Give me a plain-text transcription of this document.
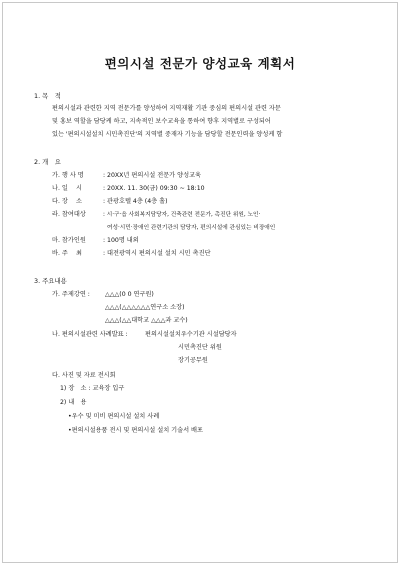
편의시설 전문가 양성교육 계획서
1. 목　적
편의시설과 관련한 지역 전문가를 양성하여 지역재활 기관 중심의 편의시설 관련 자문
및 홍보 역할을 담당케 하고, 지속적인 보수교육을 통하여 향후 지역별로 구성되어
있는 '편의시설설치 시민촉진단'의 지역별 중재자 기능을 담당할 전문인력을 양성케 함
2. 개　요
가. 행 사 명	: 20XX년 편의시설 전문가 양성교육
나. 일　 시	: 20XX. 11. 30(금) 09:30 ~ 18:10
다. 장　 소	: 관광호텔 4층 (4층 홀)
라. 참여대상	: 시·구·읍 사회복지담당자, 건축관련 전문가, 촉진단 위원, 노인·
여성·시민·장애인 관련기관의 담당자, 편의시설에 관심있는 비장애인
마. 참가인원	: 100명 내외
바. 주　 최	: 대전광역시 편의시설 설치 시민 촉진단
3. 주요내용
가. 주제강연 : △△△(0 0 연구원)
△△△(△△△△△△연구소 소장)
△△△(△△대학교 △△△과 교수)
나. 편의시설관련 사례발표 :	편의시설설치우수기관 시설담당자
시민촉진단 위원
장기공무원
다. 사진 및 자료 전시회
1) 장　소 : 교육장 입구
2) 내　용
•우수 및 미비 편의시설 설치 사례
•편의시설용품 전시 및 편의시설 설치 기술서 배포
